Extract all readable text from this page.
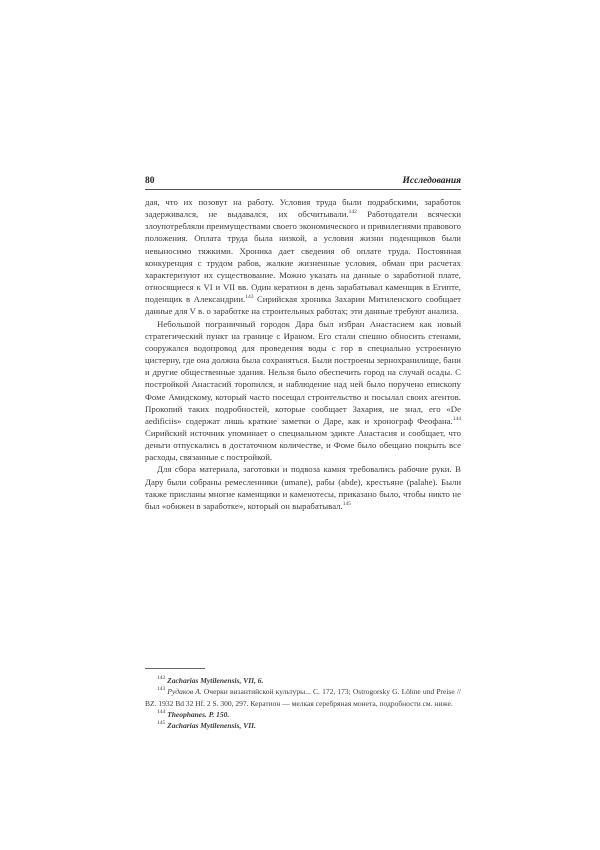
80	Исследования

дая, что их позовут на работу. Условия труда были подрабскими, заработок задерживался, не выдавался, их обсчитывали.$^{142}$ Работодатели всячески злоупотребляли преимуществами своего экономического и привилегиями правового положения. Оплата труда была низкой, а условия жизни поденщиков были невыносимо тяжкими. Хроника дает сведения об оплате труда. Постоянная конкуренция с трудом рабов, жалкие жизненные условия, обман при расчетах характеризуют их существование. Можно указать на данные о заработной плате, относящиеся к VI и VII вв. Один кератион в день зарабатывал каменщик в Египте, поденщик в Александрии.$^{143}$ Сирийская хроника Захарии Митиленского сообщает данные для V в. о заработке на строительных работах; эти данные требуют анализа.

Небольшой пограничный городок Дара был избран Анастасием как новый стратегический пункт на границе с Ираном. Его стали спешно обносить стенами, сооружался водопровод для проведения воды с гор в специально устроенную цистерну, где она должна была сохраняться. Были построены зернохранилище, бани и другие общественные здания. Нельзя было обеспечить город на случай осады. С постройкой Анастасий торопился, и наблюдение над ней было поручено епископу Фоме Амидскому, который часто посещал строительство и посылал своих агентов. Прокопий таких подробностей, которые сообщает Захария, не знал, его «De aedificiis» содержат лишь краткие заметки о Даре, как и хронограф Феофана.$^{144}$ Сирийский источник упоминает о специальном эдикте Анастасия и сообщает, что деньги отпускались в достаточном количестве, и Фоме было обещано покрыть все расходы, связанные с постройкой.

Для сбора материала, заготовки и подвоза камня требовались рабочие руки. В Дару были собраны ремесленники (umane), рабы (abde), крестьяне (palahe). Были также присланы многие каменщики и каменотесы, приказано было, чтобы никто не был «обижен в заработке», который он вырабатывал.$^{145}$

$^{142}$ Zacharias Mytilenensis, VII, 6.

$^{143}$ Рудаков А. Очерки византийской культуры... С. 172, 173; Ostrogorsky G. Löhne und Preise // BZ. 1932 Bd 32 Hf. 2 S. 300, 297. Кератион — мелкая серебряная монета, подробности см. ниже.

$^{144}$ Theophanes. P. 150.

$^{145}$ Zacharias Mytilenensis, VII.
